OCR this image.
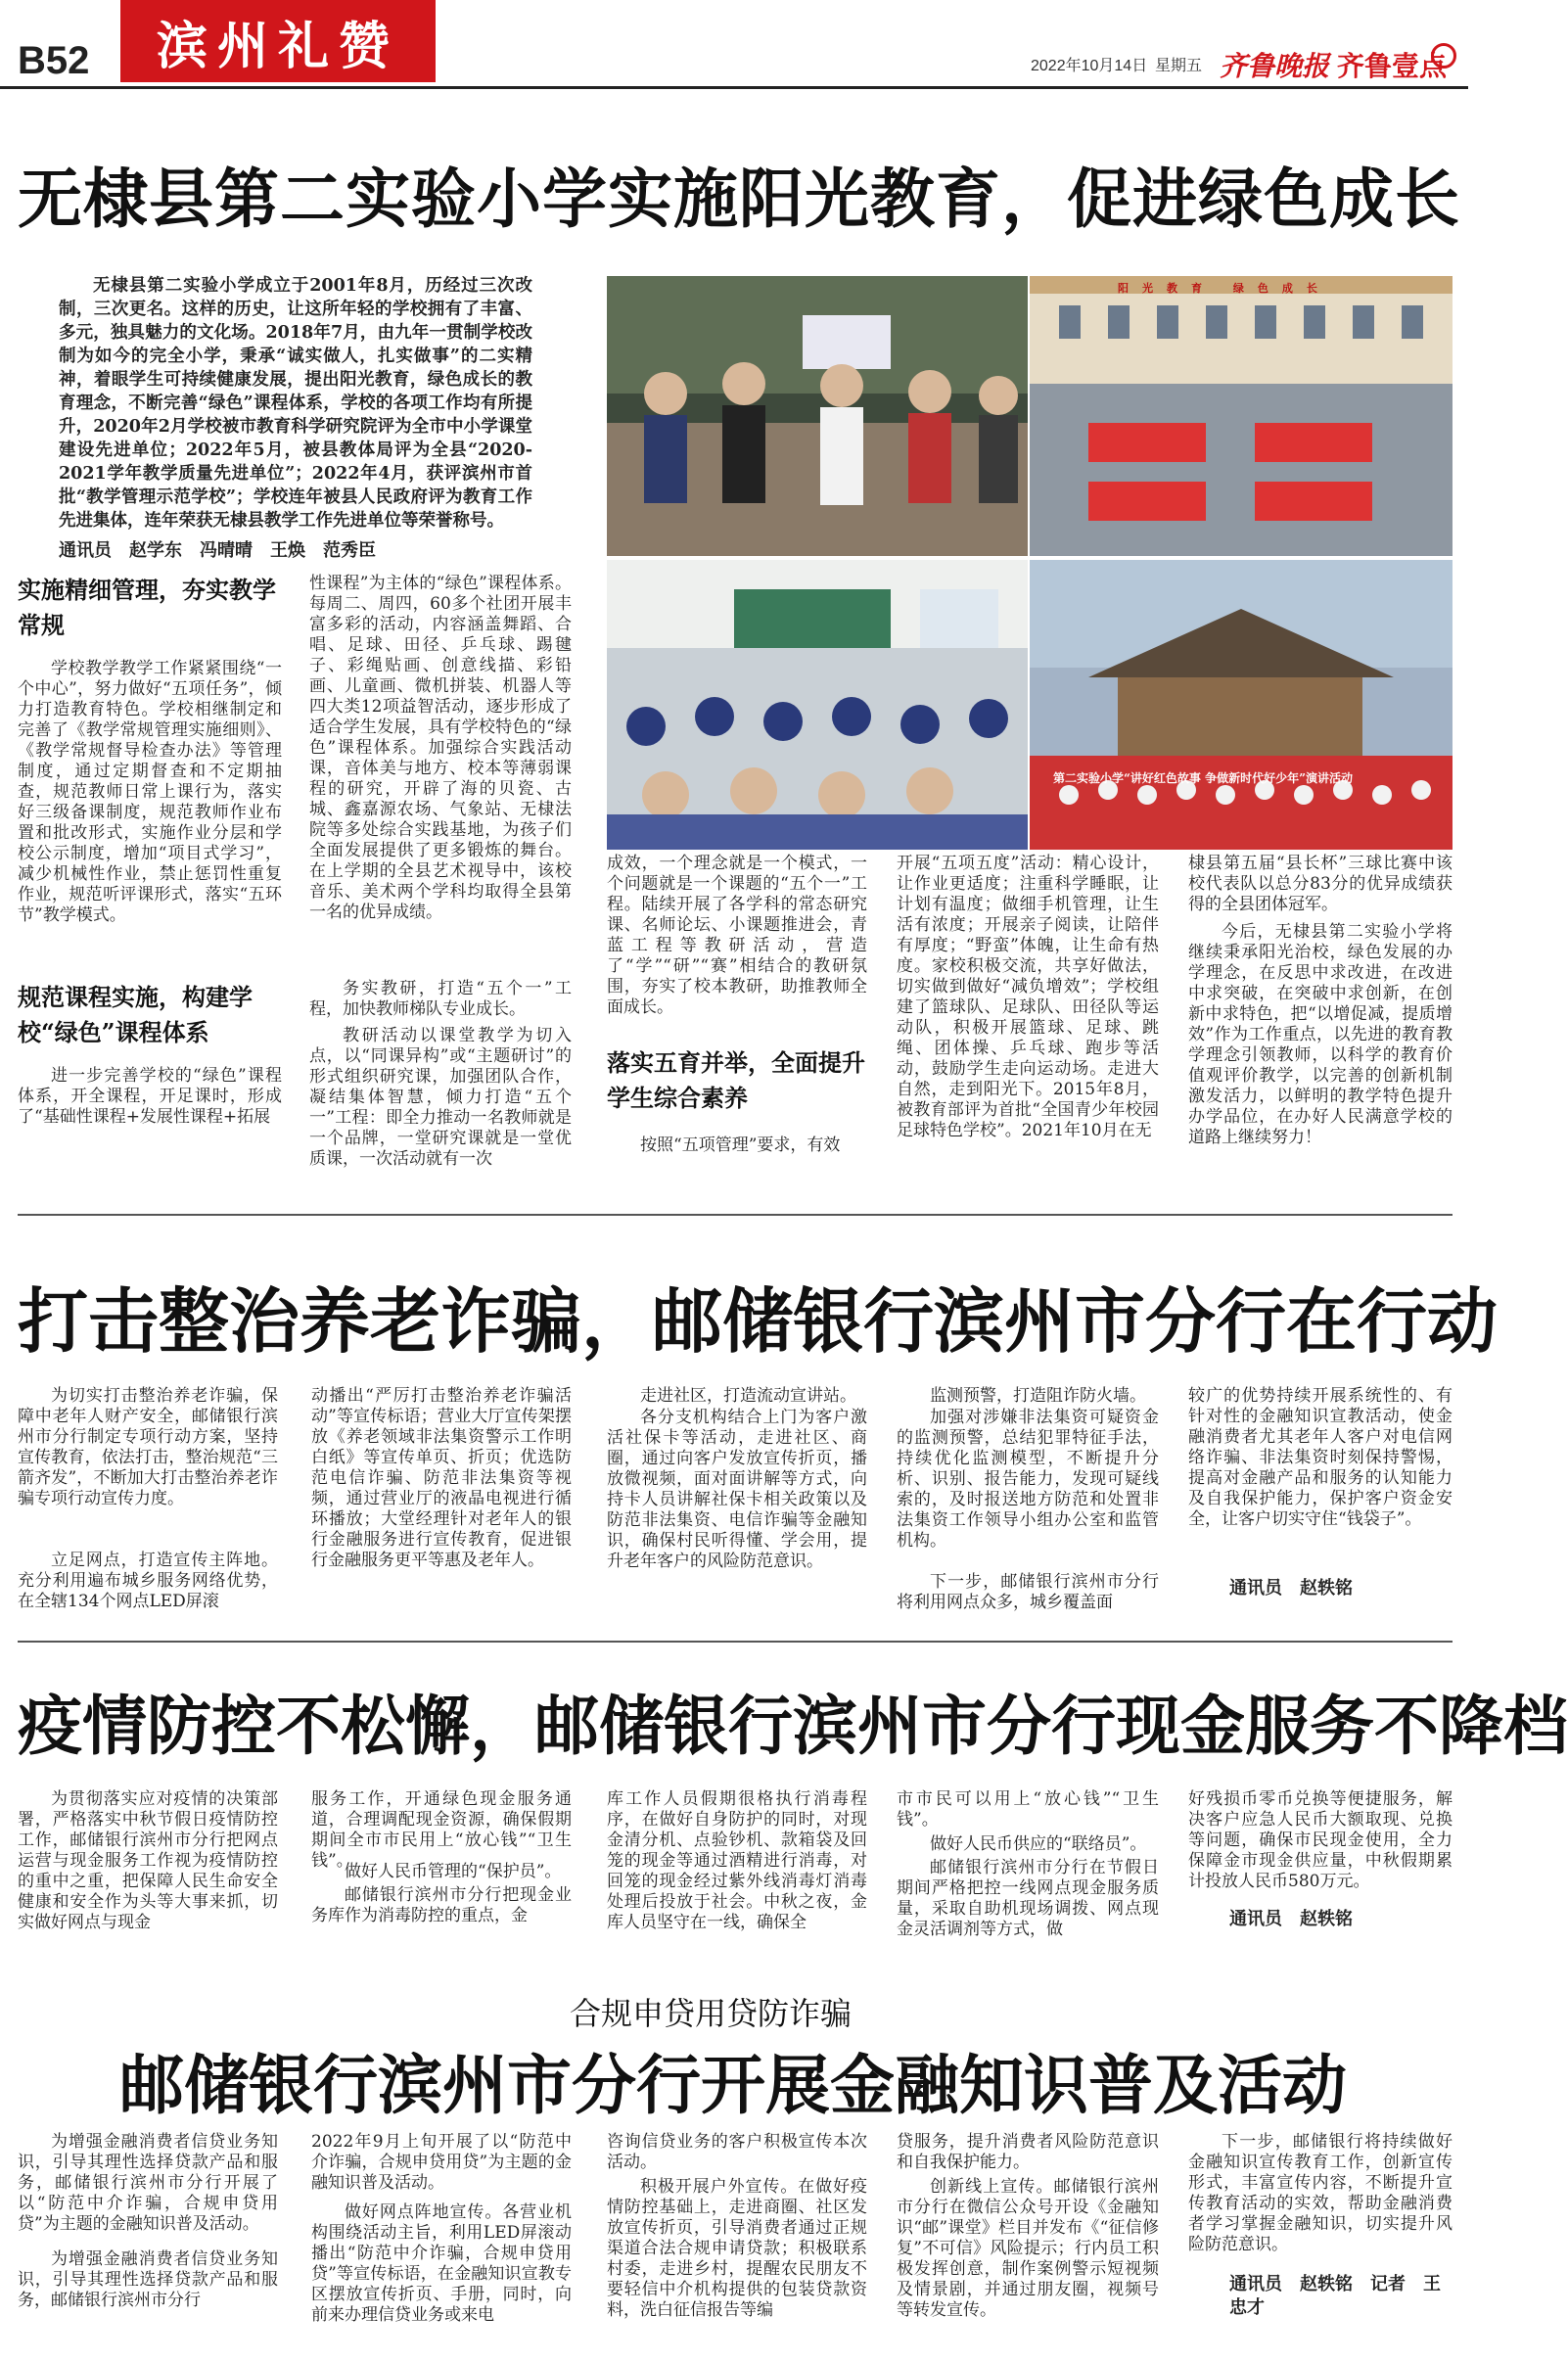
B52	滨州礼赞	2022年10月14日 星期五 齐鲁晚报 齐鲁壹点
无棣县第二实验小学实施阳光教育，促进绿色成长

无棣县第二实验小学成立于2001年8月，历经过三次改制，三次更名。这样的历史，让这所年轻的学校拥有了丰富、多元，独具魅力的文化场。2018年7月，由九年一贯制学校改制为如今的完全小学，秉承“诚实做人，扎实做事”的二实精神，着眼学生可持续健康发展，提出阳光教育，绿色成长的教育理念，不断完善“绿色”课程体系，学校的各项工作均有所提升，2020年2月学校被市教育科学研究院评为全市中小学课堂建设先进单位；2022年5月，被县教体局评为全县“2020-2021学年教学质量先进单位”；2022年4月，获评滨州市首批“教学管理示范学校”；学校连年被县人民政府评为教育工作先进集体，连年荣获无棣县教学工作先进单位等荣誉称号。

通讯员　赵学东　冯晴晴　王焕　范秀臣
实施精细管理，夯实教学常规

学校教学教学工作紧紧围绕“一个中心”，努力做好“五项任务”，倾力打造教育特色。学校相继制定和完善了《教学常规管理实施细则》、《教学常规督导检查办法》等管理制度，通过定期督查和不定期抽查，规范教师日常上课行为，落实好三级备课制度，规范教师作业布置和批改形式，实施作业分层和学校公示制度，增加“项目式学习”，减少机械性作业，禁止惩罚性重复作业，规范听评课形式，落实“五环节”教学模式。

规范课程实施，构建学校“绿色”课程体系

进一步完善学校的“绿色”课程体系，开全课程，开足课时，形成了“基础性课程+发展性课程+拓展

性课程”为主体的“绿色”课程体系。每周二、周四，60多个社团开展丰富多彩的活动，内容涵盖舞蹈、合唱、足球、田径、乒乓球、踢毽子、彩绳贴画、创意线描、彩铅画、儿童画、微机拼装、机器人等四大类12项益智活动，逐步形成了适合学生发展，具有学校特色的“绿色”课程体系。加强综合实践活动课，音体美与地方、校本等薄弱课程的研究，开辟了海的贝瓷、古城、鑫嘉源农场、气象站、无棣法院等多处综合实践基地，为孩子们全面发展提供了更多锻炼的舞台。在上学期的全县艺术视导中，该校音乐、美术两个学科均取得全县第一名的优异成绩。

务实教研，打造“五个一”工程，加快教师梯队专业成长。

教研活动以课堂教学为切入点，以“同课异构”或“主题研讨”的形式组织研究课，加强团队合作，凝结集体智慧，倾力打造“五个一”工程：即全力推动一名教师就是一个品牌，一堂研究课就是一堂优质课，一次活动就有一次

阳光教育 绿色成长
第二实验小学“讲好红色故事 争做新时代好少年”演讲活动

成效，一个理念就是一个模式，一个问题就是一个课题的“五个一”工程。陆续开展了各学科的常态研究课、名师论坛、小课题推进会，青蓝工程等教研活动，营造了“学”“研”“赛”相结合的教研氛围，夯实了校本教研，助推教师全面成长。

落实五育并举，全面提升学生综合素养

按照“五项管理”要求，有效

开展“五项五度”活动：精心设计，让作业更适度；注重科学睡眠，让计划有温度；做细手机管理，让生活有浓度；开展亲子阅读，让陪伴有厚度；“野蛮”体魄，让生命有热度。家校积极交流，共享好做法，切实做到做好“减负增效”；学校组建了篮球队、足球队、田径队等运动队，积极开展篮球、足球、跳绳、团体操、乒乓球、跑步等活动，鼓励学生走向运动场。走进大自然，走到阳光下。2015年8月，被教育部评为首批“全国青少年校园足球特色学校”。2021年10月在无

棣县第五届“县长杯”三球比赛中该校代表队以总分83分的优异成绩获得的全县团体冠军。

今后，无棣县第二实验小学将继续秉承阳光治校，绿色发展的办学理念，在反思中求改进，在改进中求突破，在突破中求创新，在创新中求特色，把“以增促减，提质增效”作为工作重点，以先进的教育教学理念引领教师，以科学的教育价值观评价教学，以完善的创新机制激发活力，以鲜明的教学特色提升办学品位，在办好人民满意学校的道路上继续努力！

打击整治养老诈骗，邮储银行滨州市分行在行动

为切实打击整治养老诈骗，保障中老年人财产安全，邮储银行滨州市分行制定专项行动方案，坚持宣传教育，依法打击，整治规范“三箭齐发”，不断加大打击整治养老诈骗专项行动宣传力度。

立足网点，打造宣传主阵地。充分利用遍布城乡服务网络优势，在全辖134个网点LED屏滚

动播出“严厉打击整治养老诈骗活动”等宣传标语；营业大厅宣传架摆放《养老领域非法集资警示工作明白纸》等宣传单页、折页；优选防范电信诈骗、防范非法集资等视频，通过营业厅的液晶电视进行循环播放；大堂经理针对老年人的银行金融服务进行宣传教育，促进银行金融服务更平等惠及老年人。

走进社区，打造流动宣讲站。

各分支机构结合上门为客户激活社保卡等活动，走进社区、商圈，通过向客户发放宣传折页，播放微视频，面对面讲解等方式，向持卡人员讲解社保卡相关政策以及防范非法集资、电信诈骗等金融知识，确保村民听得懂、学会用，提升老年客户的风险防范意识。

监测预警，打造阻诈防火墙。

加强对涉嫌非法集资可疑资金的监测预警，总结犯罪特征手法，持续优化监测模型，不断提升分析、识别、报告能力，发现可疑线索的，及时报送地方防范和处置非法集资工作领导小组办公室和监管机构。

下一步，邮储银行滨州市分行将利用网点众多，城乡覆盖面

较广的优势持续开展系统性的、有针对性的金融知识宣教活动，使金融消费者尤其老年人客户对电信网络诈骗、非法集资时刻保持警惕，提高对金融产品和服务的认知能力及自我保护能力，保护客户资金安全，让客户切实守住“钱袋子”。

通讯员　赵轶铭
疫情防控不松懈，邮储银行滨州市分行现金服务不降档

为贯彻落实应对疫情的决策部署，严格落实中秋节假日疫情防控工作，邮储银行滨州市分行把网点运营与现金服务工作视为疫情防控的重中之重，把保障人民生命安全健康和安全作为头等大事来抓，切实做好网点与现金

服务工作，开通绿色现金服务通道，合理调配现金资源，确保假期期间全市市民用上“放心钱”“卫生钱”。

做好人民币管理的“保护员”。

邮储银行滨州市分行把现金业务库作为消毒防控的重点，金

库工作人员假期很格执行消毒程序，在做好自身防护的同时，对现金清分机、点验钞机、款箱袋及回笼的现金等通过酒精进行消毒，对回笼的现金经过紫外线消毒灯消毒处理后投放于社会。中秋之夜，金库人员坚守在一线，确保全

市市民可以用上“放心钱”“卫生钱”。

做好人民币供应的“联络员”。

邮储银行滨州市分行在节假日期间严格把控一线网点现金服务质量，采取自助机现场调拨、网点现金灵活调剂等方式，做

好残损币零币兑换等便捷服务，解决客户应急人民币大额取现、兑换等问题，确保市民现金使用，全力保障金市现金供应量，中秋假期累计投放人民币580万元。

通讯员　赵轶铭
合规申贷用贷防诈骗
邮储银行滨州市分行开展金融知识普及活动

为增强金融消费者信贷业务知识，引导其理性选择贷款产品和服务，邮储银行滨州市分行开展了以“防范中介诈骗，合规申贷用贷”为主题的金融知识普及活动。

为增强金融消费者信贷业务知识，引导其理性选择贷款产品和服务，邮储银行滨州市分行

2022年9月上旬开展了以“防范中介诈骗，合规申贷用贷”为主题的金融知识普及活动。

做好网点阵地宣传。各营业机构围绕活动主旨，利用LED屏滚动播出“防范中介诈骗，合规申贷用贷”等宣传标语，在金融知识宣教专区摆放宣传折页、手册，同时，向前来办理信贷业务或来电

咨询信贷业务的客户积极宣传本次活动。

积极开展户外宣传。在做好疫情防控基础上，走进商圈、社区发放宣传折页，引导消费者通过正规渠道合法合规申请贷款；积极联系村委，走进乡村，提醒农民朋友不要轻信中介机构提供的包装贷款资料，洗白征信报告等编

贷服务，提升消费者风险防范意识和自我保护能力。

创新线上宣传。邮储银行滨州市分行在微信公众号开设《金融知识“邮”课堂》栏目并发布《“征信修复”不可信》风险提示；行内员工积极发挥创意，制作案例警示短视频及情景剧，并通过朋友圈，视频号等转发宣传。

下一步，邮储银行将持续做好金融知识宣传教育工作，创新宣传形式，丰富宣传内容，不断提升宣传教育活动的实效，帮助金融消费者学习掌握金融知识，切实提升风险防范意识。

通讯员　赵轶铭　记者　王忠才
